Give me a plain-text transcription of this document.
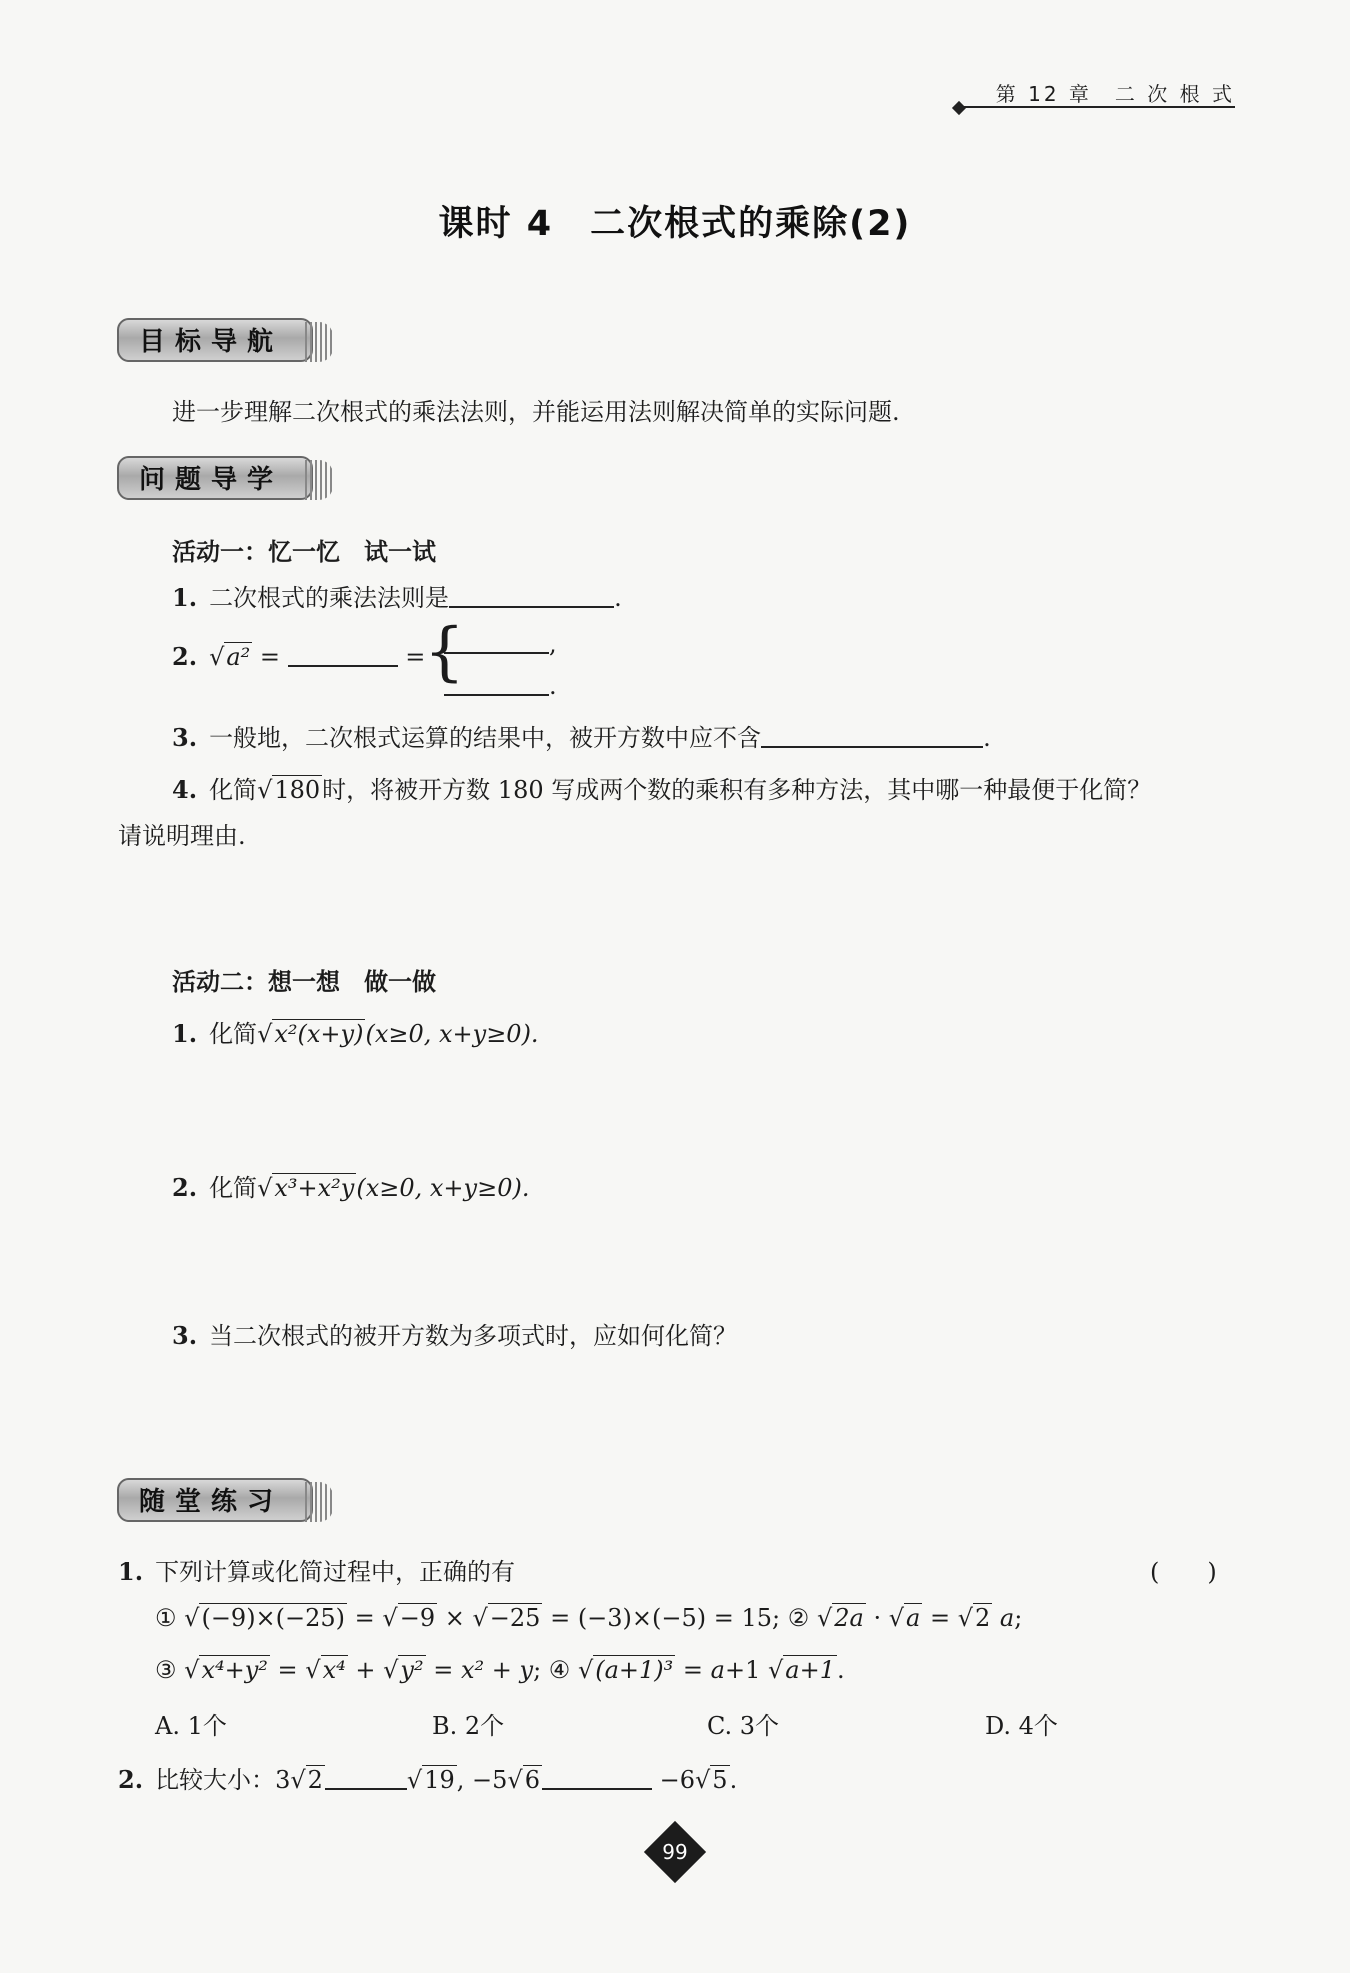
第 12 章　二 次 根 式
课时 4　二次根式的乘除(2)
目标导航
进一步理解二次根式的乘法法则，并能运用法则解决简单的实际问题.
问题导学
活动一：忆一忆　试一试
1. 二次根式的乘法法则是	.
2. √a² =	=
{	,
.
3. 一般地，二次根式运算的结果中，被开方数中应不含	.
4. 化简√180时，将被开方数 180 写成两个数的乘积有多种方法，其中哪一种最便于化简？
请说明理由.
活动二：想一想　做一做
1. 化简√x²(x+y)(x≥0, x+y≥0).
2. 化简√x³+x²y(x≥0, x+y≥0).
3. 当二次根式的被开方数为多项式时，应如何化简？
随堂练习
1. 下列计算或化简过程中，正确的有	(　　)
① √(−9)×(−25) = √−9 × √−25 = (−3)×(−5) = 15; ② √2a · √a = √2 a;
③ √x⁴+y² = √x⁴ + √y² = x² + y; ④ √(a+1)³ = a+1 √a+1.
A. 1个	B. 2个	C. 3个	D. 4个
2. 比较大小：3√2	√19, −5√6	−6√5.
99
